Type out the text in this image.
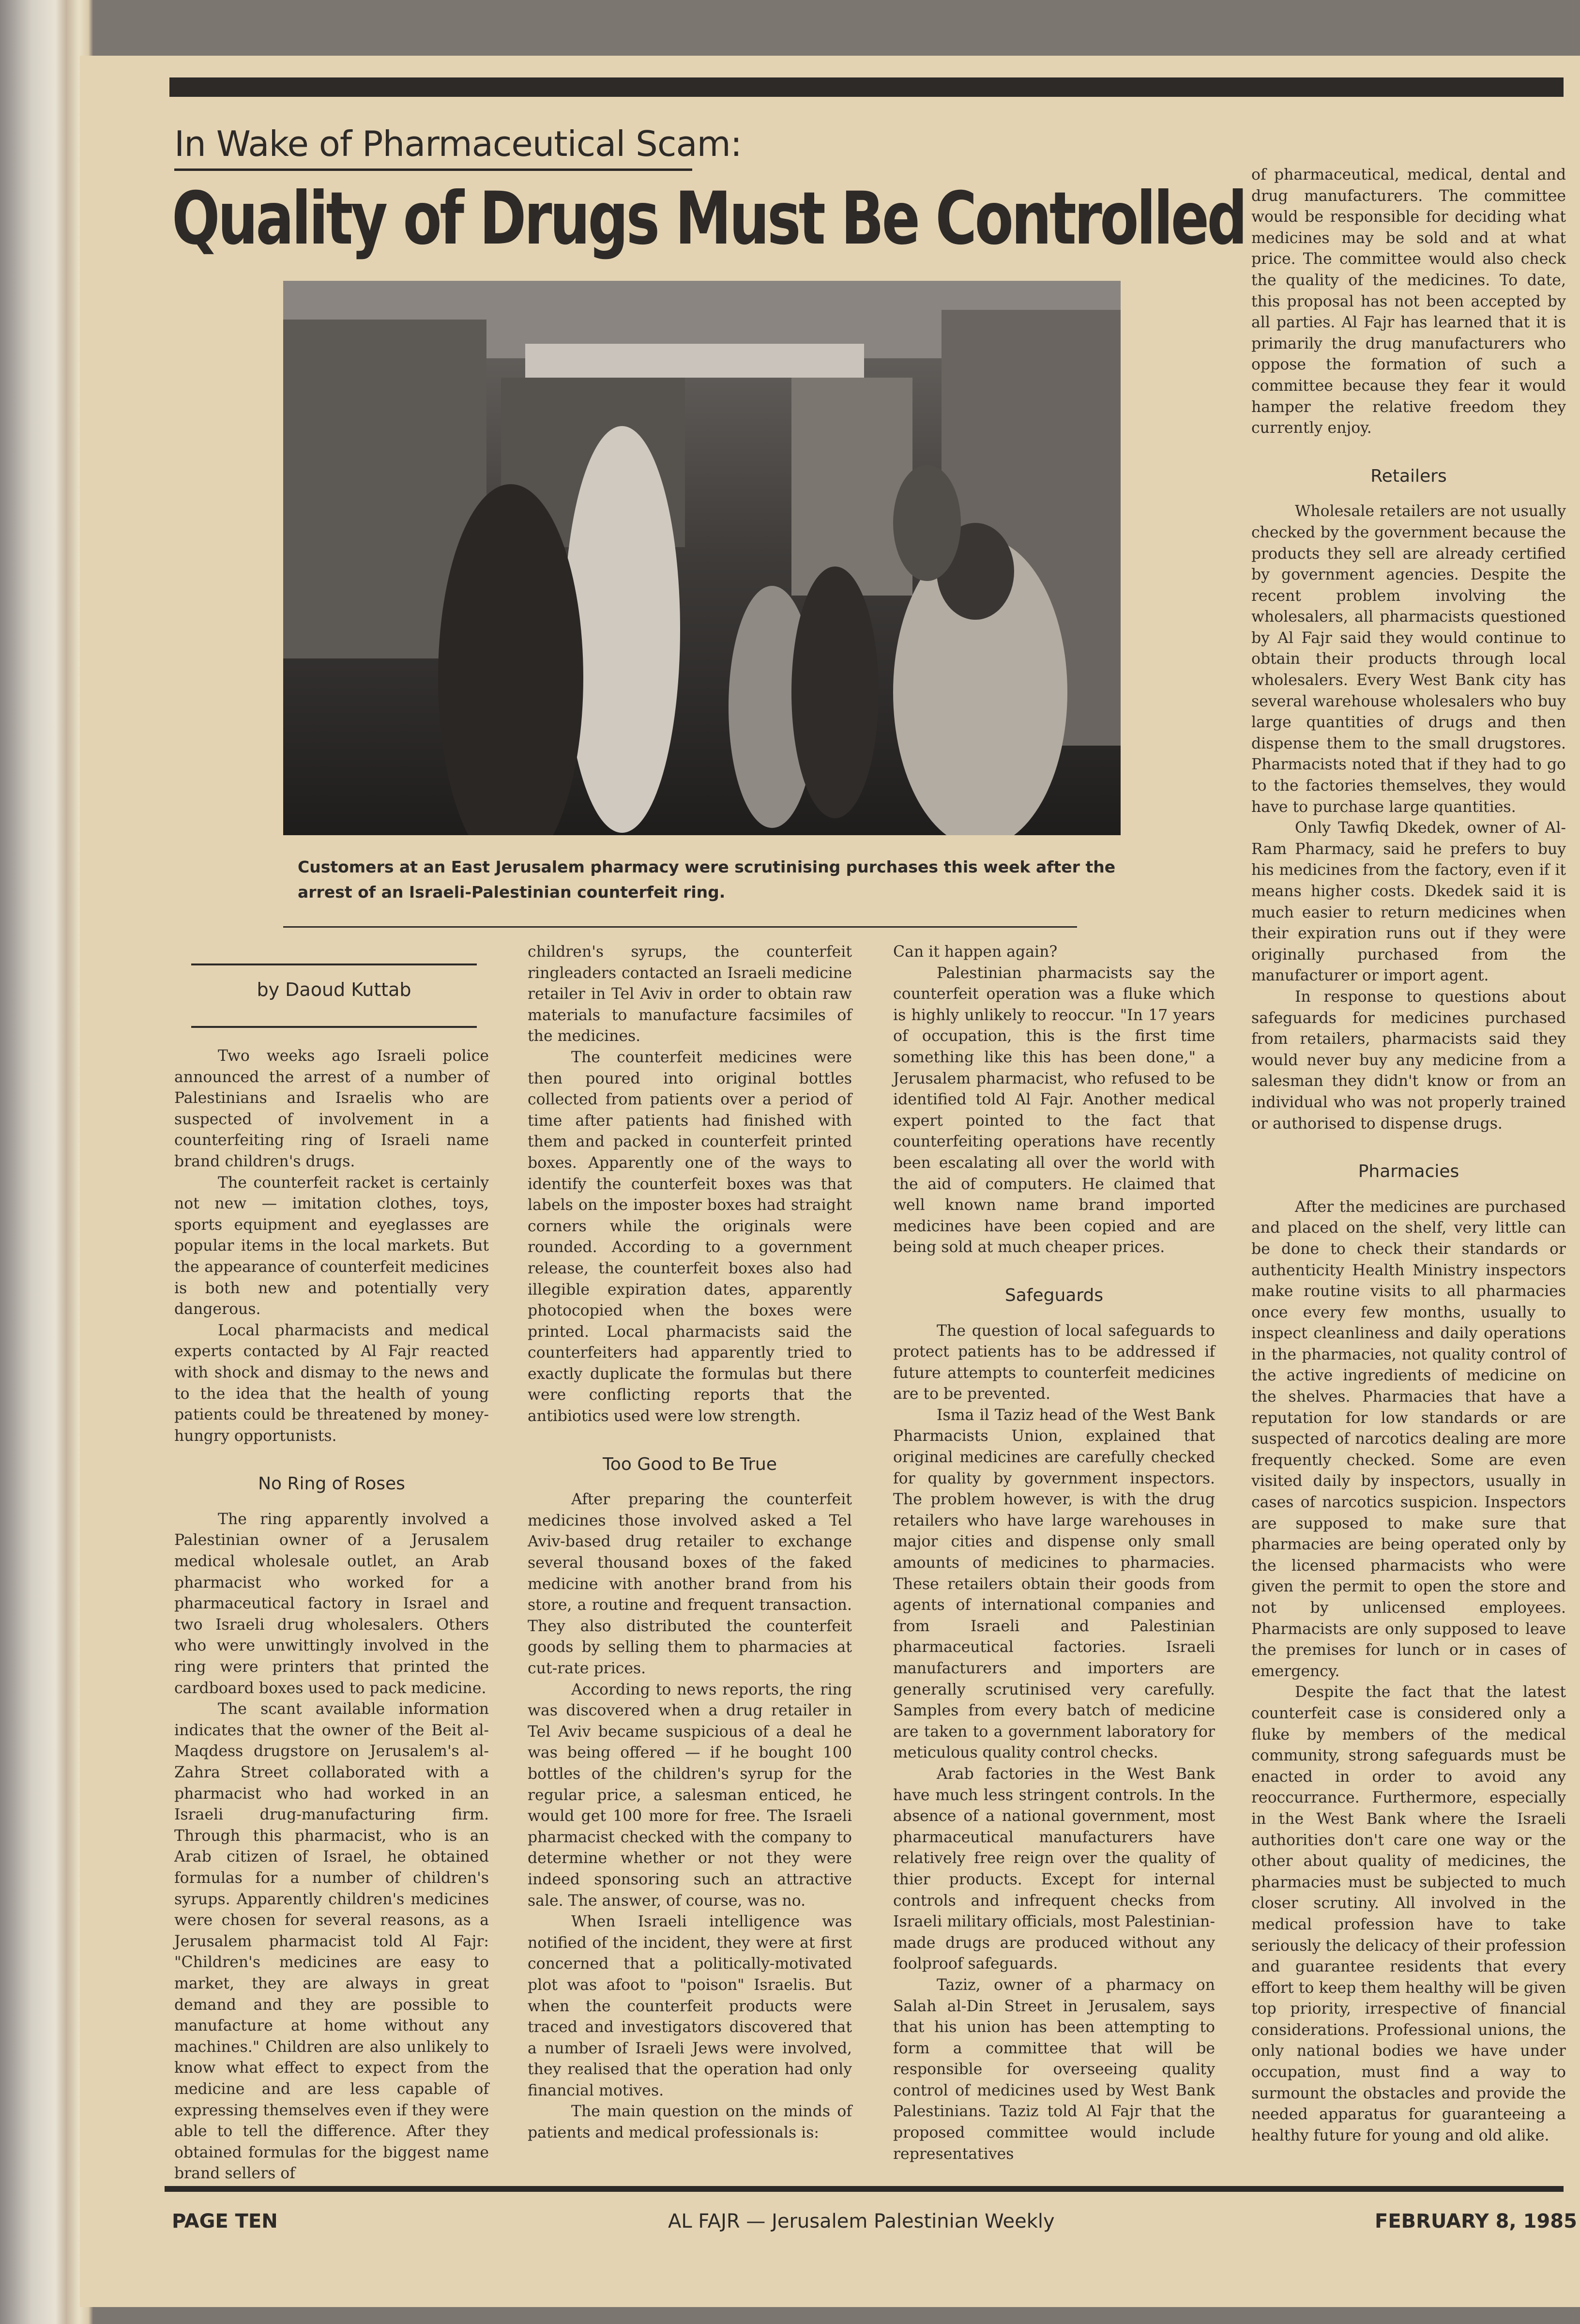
In Wake of Pharmaceutical Scam:
Quality of Drugs Must Be Controlled
Customers at an East Jerusalem pharmacy were scrutinising purchases this week after the arrest of an Israeli-Palestinian counterfeit ring.
by Daoud Kuttab

Two weeks ago Israeli police announced the arrest of a number of Palestinians and Israelis who are suspected of involvement in a counterfeiting ring of Israeli name brand children's drugs.

The counterfeit racket is certainly not new — imitation clothes, toys, sports equipment and eyeglasses are popular items in the local markets. But the appearance of counterfeit medicines is both new and potentially very dangerous.

Local pharmacists and medical experts contacted by Al Fajr reacted with shock and dismay to the news and to the idea that the health of young patients could be threatened by money-hungry opportunists.

No Ring of Roses

The ring apparently involved a Palestinian owner of a Jerusalem medical wholesale outlet, an Arab pharmacist who worked for a pharmaceutical factory in Israel and two Israeli drug wholesalers. Others who were unwittingly involved in the ring were printers that printed the cardboard boxes used to pack medicine.

The scant available information indicates that the owner of the Beit al-Maqdess drugstore on Jerusalem's al-Zahra Street collaborated with a pharmacist who had worked in an Israeli drug-manufacturing firm. Through this pharmacist, who is an Arab citizen of Israel, he obtained formulas for a number of children's syrups. Apparently children's medicines were chosen for several reasons, as a Jerusalem pharmacist told Al Fajr: "Children's medicines are easy to market, they are always in great demand and they are possible to manufacture at home without any machines." Children are also unlikely to know what effect to expect from the medicine and are less capable of expressing themselves even if they were able to tell the difference. After they obtained formulas for the biggest name brand sellers of

children's syrups, the counterfeit ringleaders contacted an Israeli medicine retailer in Tel Aviv in order to obtain raw materials to manufacture facsimiles of the medicines.

The counterfeit medicines were then poured into original bottles collected from patients over a period of time after patients had finished with them and packed in counterfeit printed boxes. Apparently one of the ways to identify the counterfeit boxes was that labels on the imposter boxes had straight corners while the originals were rounded. According to a government release, the counterfeit boxes also had illegible expiration dates, apparently photocopied when the boxes were printed. Local pharmacists said the counterfeiters had apparently tried to exactly duplicate the formulas but there were conflicting reports that the antibiotics used were low strength.

Too Good to Be True

After preparing the counterfeit medicines those involved asked a Tel Aviv-based drug retailer to exchange several thousand boxes of the faked medicine with another brand from his store, a routine and frequent transaction. They also distributed the counterfeit goods by selling them to pharmacies at cut-rate prices.

According to news reports, the ring was discovered when a drug retailer in Tel Aviv became suspicious of a deal he was being offered — if he bought 100 bottles of the children's syrup for the regular price, a salesman enticed, he would get 100 more for free. The Israeli pharmacist checked with the company to determine whether or not they were indeed sponsoring such an attractive sale. The answer, of course, was no.

When Israeli intelligence was notified of the incident, they were at first concerned that a politically-motivated plot was afoot to "poison" Israelis. But when the counterfeit products were traced and investigators discovered that a number of Israeli Jews were involved, they realised that the operation had only financial motives.

The main question on the minds of patients and medical professionals is:

Can it happen again?

Palestinian pharmacists say the counterfeit operation was a fluke which is highly unlikely to reoccur. "In 17 years of occupation, this is the first time something like this has been done," a Jerusalem pharmacist, who refused to be identified told Al Fajr. Another medical expert pointed to the fact that counterfeiting operations have recently been escalating all over the world with the aid of computers. He claimed that well known name brand imported medicines have been copied and are being sold at much cheaper prices.

Safeguards

The question of local safeguards to protect patients has to be addressed if future attempts to counterfeit medicines are to be prevented.

Isma il Taziz head of the West Bank Pharmacists Union, explained that original medicines are carefully checked for quality by government inspectors. The problem however, is with the drug retailers who have large warehouses in major cities and dispense only small amounts of medicines to pharmacies. These retailers obtain their goods from agents of international companies and from Israeli and Palestinian pharmaceutical factories. Israeli manufacturers and importers are generally scrutinised very carefully. Samples from every batch of medicine are taken to a government laboratory for meticulous quality control checks.

Arab factories in the West Bank have much less stringent controls. In the absence of a national government, most pharmaceutical manufacturers have relatively free reign over the quality of thier products. Except for internal controls and infrequent checks from Israeli military officials, most Palestinian-made drugs are produced without any foolproof safeguards.

Taziz, owner of a pharmacy on Salah al-Din Street in Jerusalem, says that his union has been attempting to form a committee that will be responsible for overseeing quality control of medicines used by West Bank Palestinians. Taziz told Al Fajr that the proposed committee would include representatives

of pharmaceutical, medical, dental and drug manufacturers. The committee would be responsible for deciding what medicines may be sold and at what price. The committee would also check the quality of the medicines. To date, this proposal has not been accepted by all parties. Al Fajr has learned that it is primarily the drug manufacturers who oppose the formation of such a committee because they fear it would hamper the relative freedom they currently enjoy.

Retailers

Wholesale retailers are not usually checked by the government because the products they sell are already certified by government agencies. Despite the recent problem involving the wholesalers, all pharmacists questioned by Al Fajr said they would continue to obtain their products through local wholesalers. Every West Bank city has several warehouse wholesalers who buy large quantities of drugs and then dispense them to the small drugstores. Pharmacists noted that if they had to go to the factories themselves, they would have to purchase large quantities.

Only Tawfiq Dkedek, owner of Al-Ram Pharmacy, said he prefers to buy his medicines from the factory, even if it means higher costs. Dkedek said it is much easier to return medicines when their expiration runs out if they were originally purchased from the manufacturer or import agent.

In response to questions about safeguards for medicines purchased from retailers, pharmacists said they would never buy any medicine from a salesman they didn't know or from an individual who was not properly trained or authorised to dispense drugs.

Pharmacies

After the medicines are purchased and placed on the shelf, very little can be done to check their standards or authenticity Health Ministry inspectors make routine visits to all pharmacies once every few months, usually to inspect cleanliness and daily operations in the pharmacies, not quality control of the active ingredients of medicine on the shelves. Pharmacies that have a reputation for low standards or are suspected of narcotics dealing are more frequently checked. Some are even visited daily by inspectors, usually in cases of narcotics suspicion. Inspectors are supposed to make sure that pharmacies are being operated only by the licensed pharmacists who were given the permit to open the store and not by unlicensed employees. Pharmacists are only supposed to leave the premises for lunch or in cases of emergency.

Despite the fact that the latest counterfeit case is considered only a fluke by members of the medical community, strong safeguards must be enacted in order to avoid any reoccurrance. Furthermore, especially in the West Bank where the Israeli authorities don't care one way or the other about quality of medicines, the pharmacies must be subjected to much closer scrutiny. All involved in the medical profession have to take seriously the delicacy of their profession and guarantee residents that every effort to keep them healthy will be given top priority, irrespective of financial considerations. Professional unions, the only national bodies we have under occupation, must find a way to surmount the obstacles and provide the needed apparatus for guaranteeing a healthy future for young and old alike.

PAGE TEN	AL FAJR — Jerusalem Palestinian Weekly	FEBRUARY 8, 1985
